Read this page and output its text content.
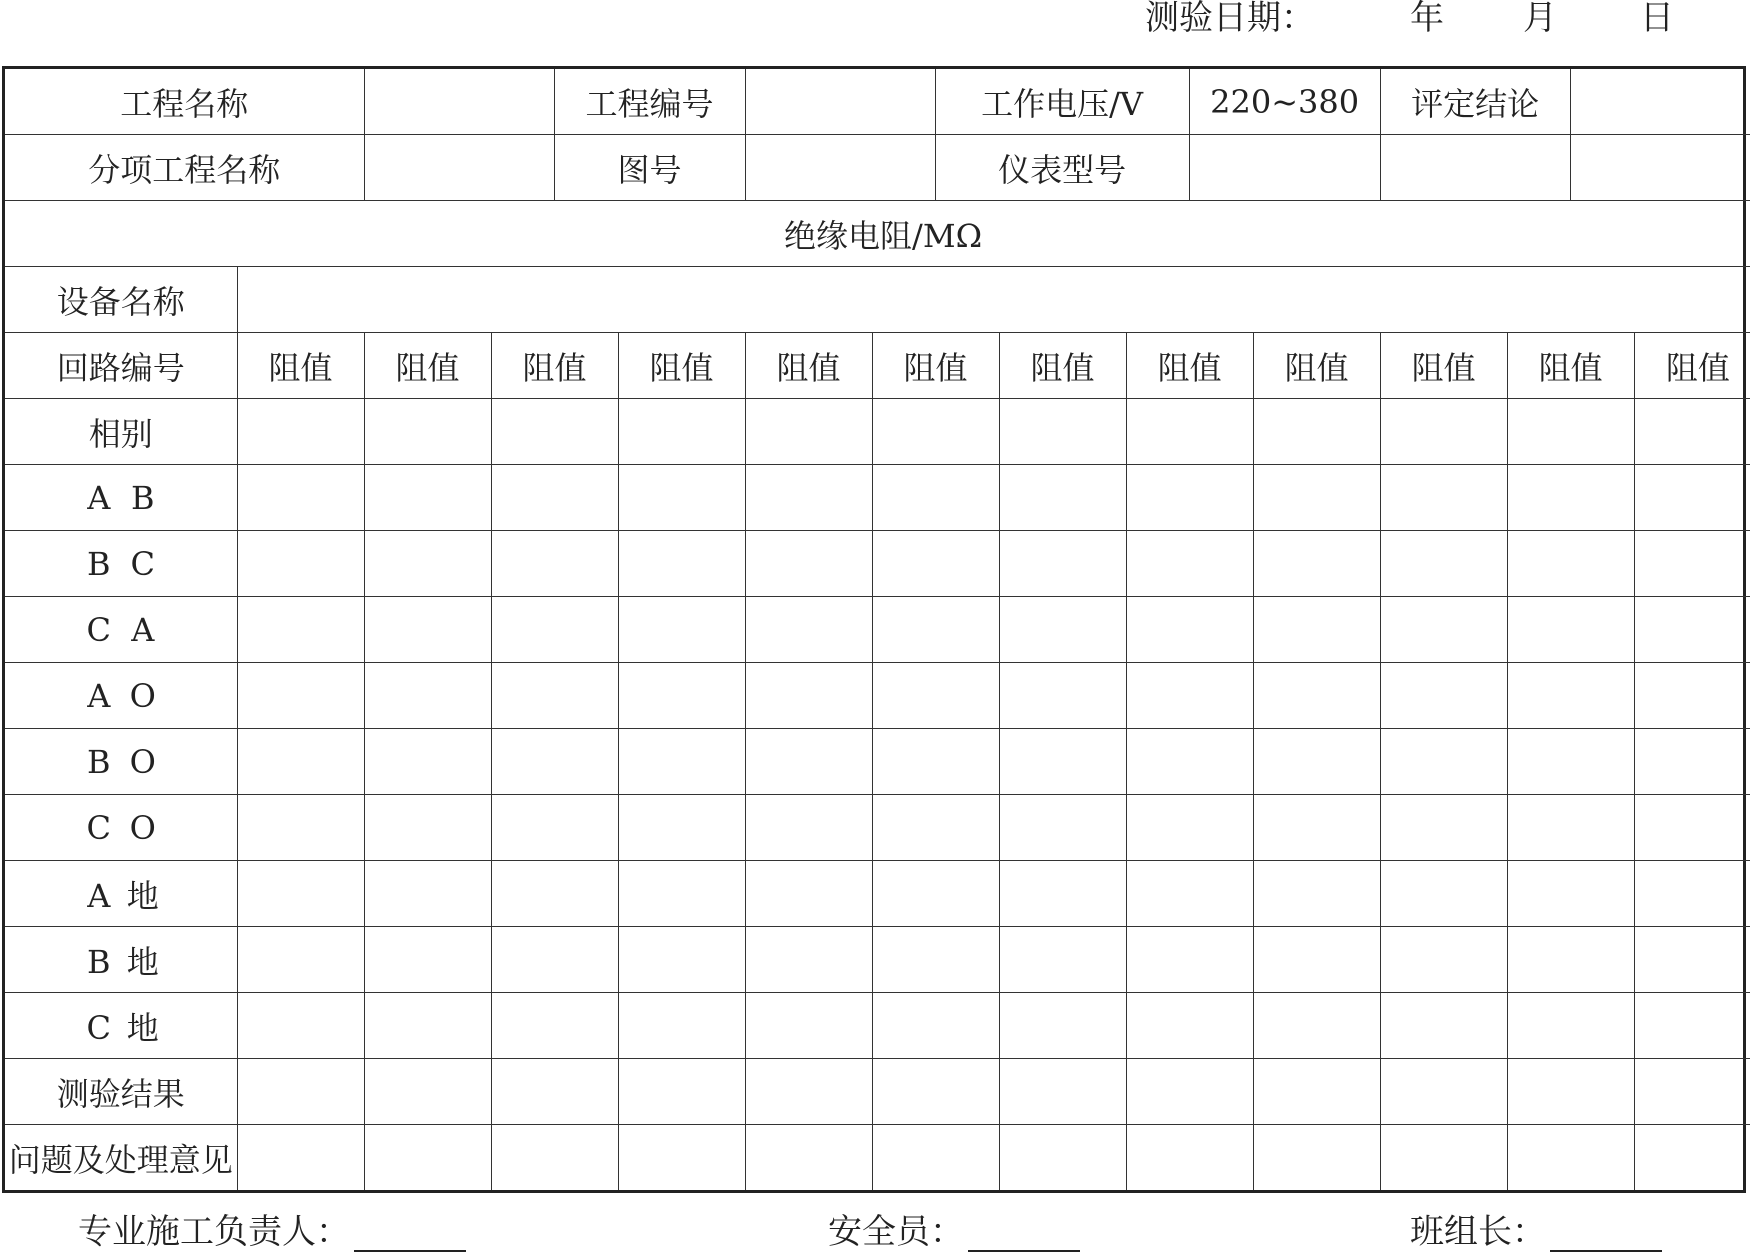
测验日期：	年 月 日
工程名称				工程编号				工作电压/V			220~380		评定结论			
分项工程名称				图号				仪表型号								
绝缘电阻/MΩ																
设备名称																
回路编号	阻值	阻值	阻值		阻值	阻值	阻值		阻值	阻值		阻值	阻值	阻值		阻值
相别																
A B																
B C																
C A																
A O																
B O																
C O																
A 地																
B 地																
C 地																
测验结果																
问题及处理意见																
专业施工负责人：	安全员：	班组长：
